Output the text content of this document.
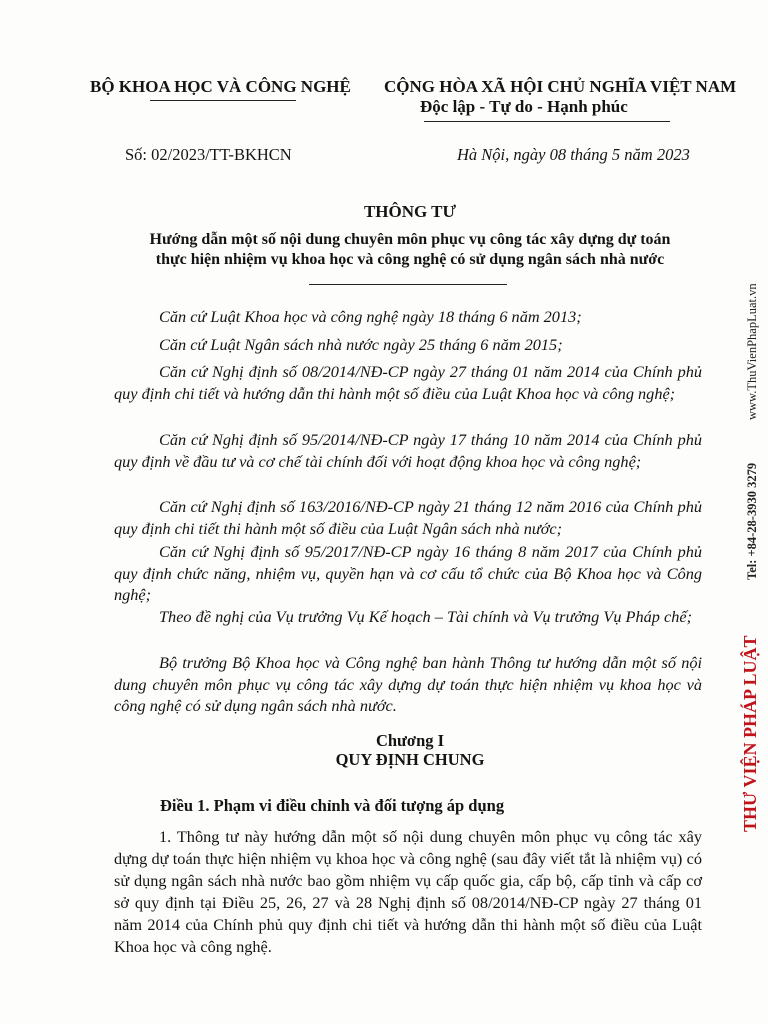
BỘ KHOA HỌC VÀ CÔNG NGHỆ CỘNG HÒA XÃ HỘI CHỦ NGHĨA VIỆT NAM
Độc lập - Tự do - Hạnh phúc
Số: 02/2023/TT-BKHCN	Hà Nội, ngày 08 tháng 5 năm 2023
THÔNG TƯ
Hướng dẫn một số nội dung chuyên môn phục vụ công tác xây dựng dự toán
thực hiện nhiệm vụ khoa học và công nghệ có sử dụng ngân sách nhà nước
Căn cứ Luật Khoa học và công nghệ ngày 18 tháng 6 năm 2013;
Căn cứ Luật Ngân sách nhà nước ngày 25 tháng 6 năm 2015;
Căn cứ Nghị định số 08/2014/NĐ-CP ngày 27 tháng 01 năm 2014 của Chính phủ quy định chi tiết và hướng dẫn thi hành một số điều của Luật Khoa học và công nghệ;
Căn cứ Nghị định số 95/2014/NĐ-CP ngày 17 tháng 10 năm 2014 của Chính phủ quy định về đầu tư và cơ chế tài chính đối với hoạt động khoa học và công nghệ;
Căn cứ Nghị định số 163/2016/NĐ-CP ngày 21 tháng 12 năm 2016 của Chính phủ quy định chi tiết thi hành một số điều của Luật Ngân sách nhà nước;
Căn cứ Nghị định số 95/2017/NĐ-CP ngày 16 tháng 8 năm 2017 của Chính phủ quy định chức năng, nhiệm vụ, quyền hạn và cơ cấu tổ chức của Bộ Khoa học và Công nghệ;
Theo đề nghị của Vụ trưởng Vụ Kế hoạch – Tài chính và Vụ trưởng Vụ Pháp chế;
Bộ trưởng Bộ Khoa học và Công nghệ ban hành Thông tư hướng dẫn một số nội dung chuyên môn phục vụ công tác xây dựng dự toán thực hiện nhiệm vụ khoa học và công nghệ có sử dụng ngân sách nhà nước.
Chương I
QUY ĐỊNH CHUNG
Điều 1. Phạm vi điều chỉnh và đối tượng áp dụng
1. Thông tư này hướng dẫn một số nội dung chuyên môn phục vụ công tác xây dựng dự toán thực hiện nhiệm vụ khoa học và công nghệ (sau đây viết tắt là nhiệm vụ) có sử dụng ngân sách nhà nước bao gồm nhiệm vụ cấp quốc gia, cấp bộ, cấp tỉnh và cấp cơ sở quy định tại Điều 25, 26, 27 và 28 Nghị định số 08/2014/NĐ-CP ngày 27 tháng 01 năm 2014 của Chính phủ quy định chi tiết và hướng dẫn thi hành một số điều của Luật Khoa học và công nghệ.
THƯ VIỆN PHÁP LUẬT
Tel: +84-28-3930 3279
www.ThuVienPhapLuat.vn
